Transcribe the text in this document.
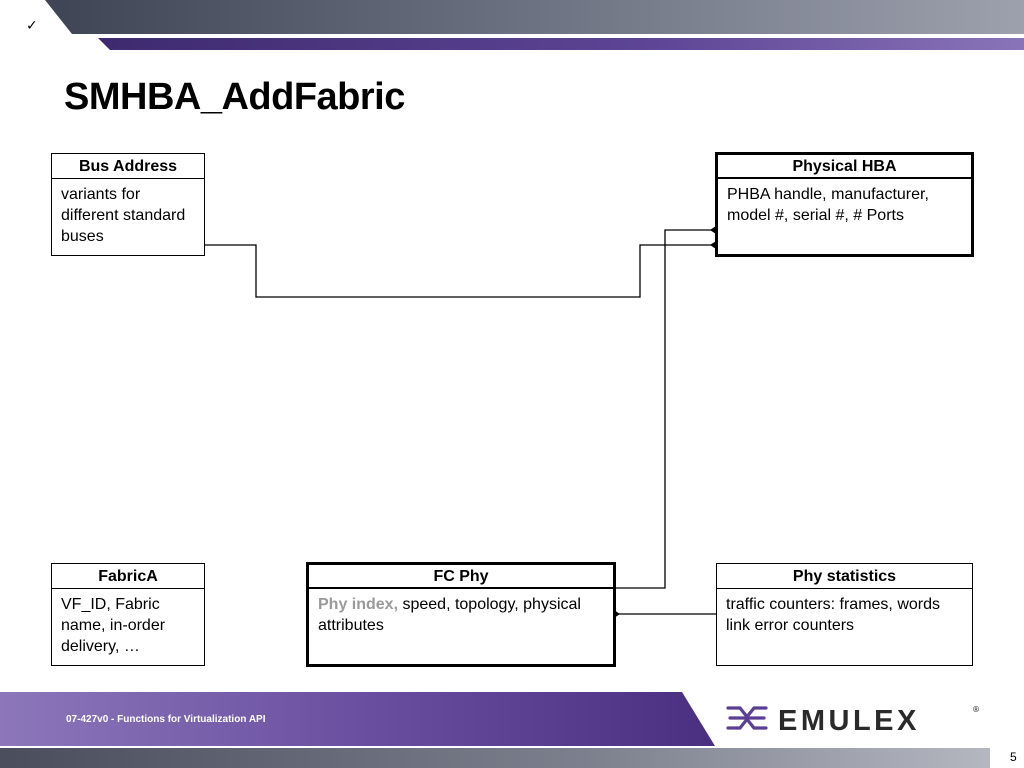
✓
SMHBA_AddFabric
Bus Address
variants for different standard buses
Physical HBA
PHBA handle, manufacturer, model #, serial #, # Ports
FabricA
VF_ID, Fabric name, in-order delivery, …
FC Phy
Phy index, speed, topology, physical attributes
Phy statistics
traffic counters: frames, words
link error counters
07-427v0 - Functions for Virtualization API	EMULEX	®
5
